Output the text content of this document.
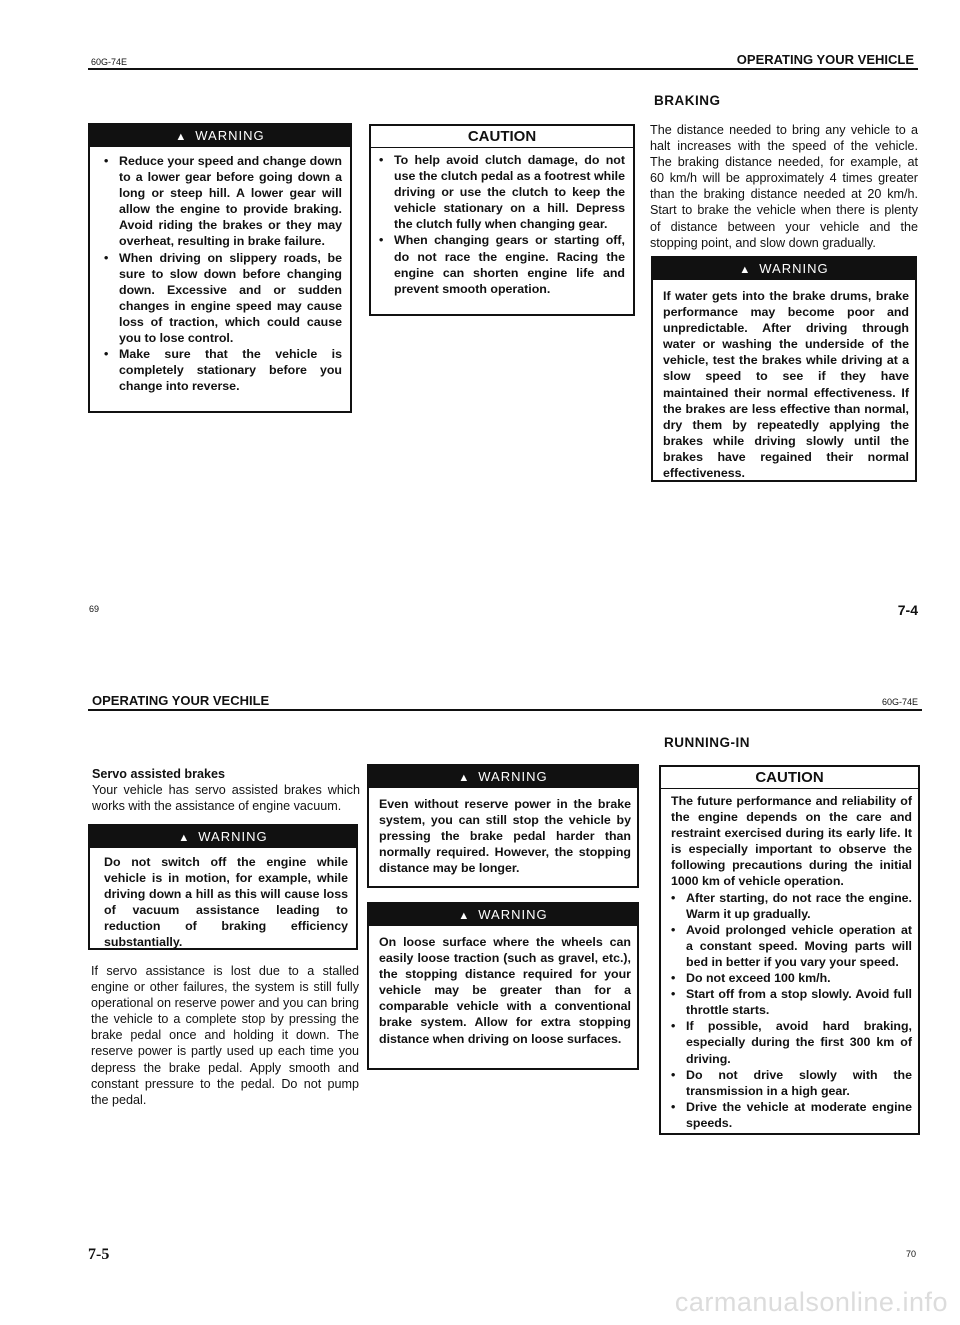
60G-74E	OPERATING YOUR VEHICLE
▲ WARNING
• Reduce your speed and change down to a lower gear before going down a long or steep hill. A lower gear will allow the engine to provide braking. Avoid riding the brakes or they may overheat, resulting in brake failure.
• When driving on slippery roads, be sure to slow down before changing down. Excessive and or sudden changes in engine speed may cause loss of traction, which could cause you to lose control.
• Make sure that the vehicle is completely stationary before you change into reverse.
CAUTION
• To help avoid clutch damage, do not use the clutch pedal as a footrest while driving or use the clutch to keep the vehicle stationary on a hill. Depress the clutch fully when changing gear.
• When changing gears or starting off, do not race the engine. Racing the engine can shorten engine life and prevent smooth operation.
BRAKING
The distance needed to bring any vehicle to a halt increases with the speed of the vehicle. The braking distance needed, for example, at 60 km/h will be approximately 4 times greater than the braking distance needed at 20 km/h. Start to brake the vehicle when there is plenty of distance between your vehicle and the stopping point, and slow down gradually.
▲ WARNING

If water gets into the brake drums, brake performance may become poor and unpredictable. After driving through water or washing the underside of the vehicle, test the brakes while driving at a slow speed to see if they have maintained their normal effectiveness. If the brakes are less effective than normal, dry them by repeatedly applying the brakes while driving slowly until the brakes have regained their normal effectiveness.

69	7-4
OPERATING YOUR VECHILE	60G-74E
Servo assisted brakes
Your vehicle has servo assisted brakes which works with the assistance of engine vacuum.
▲ WARNING

Do not switch off the engine while vehicle is in motion, for example, while driving down a hill as this will cause loss of vacuum assistance leading to reduction of braking efficiency substantially.

If servo assistance is lost due to a stalled engine or other failures, the system is still fully operational on reserve power and you can bring the vehicle to a complete stop by pressing the brake pedal once and holding it down. The reserve power is partly used up each time you depress the brake pedal. Apply smooth and constant pressure to the pedal. Do not pump the pedal.
▲ WARNING

Even without reserve power in the brake system, you can still stop the vehicle by pressing the brake pedal harder than normally required. However, the stopping distance may be longer.

▲ WARNING

On loose surface where the wheels can easily loose traction (such as gravel, etc.), the stopping distance required for your vehicle may be greater than for a comparable vehicle with a conventional brake system. Allow for extra stopping distance when driving on loose surfaces.

RUNNING-IN
CAUTION

The future performance and reliability of the engine depends on the care and restraint exercised during its early life. It is especially important to observe the following precautions during the initial 1000 km of vehicle operation.

• After starting, do not race the engine. Warm it up gradually.
• Avoid prolonged vehicle operation at a constant speed. Moving parts will bed in better if you vary your speed.
• Do not exceed 100 km/h.
• Start off from a stop slowly. Avoid full throttle starts.
• If possible, avoid hard braking, especially during the first 300 km of driving.
• Do not drive slowly with the transmission in a high gear.
• Drive the vehicle at moderate engine speeds.
7-5	70
carmanualsonline.info
